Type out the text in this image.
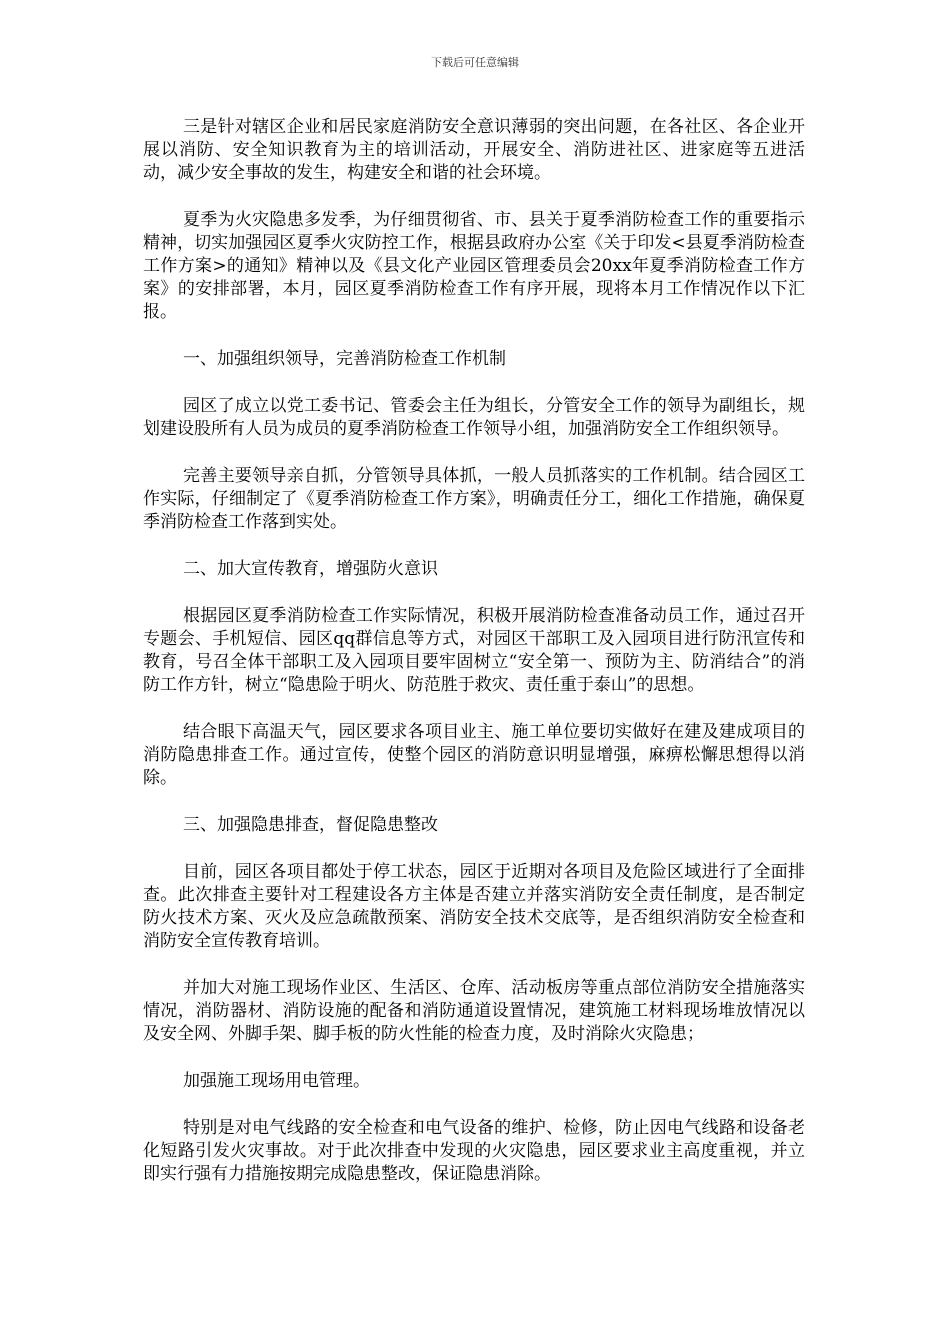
下载后可任意编辑

三是针对辖区企业和居民家庭消防安全意识薄弱的突出问题，在各社区、各企业开展以消防、安全知识教育为主的培训活动，开展安全、消防进社区、进家庭等五进活动，减少安全事故的发生，构建安全和谐的社会环境。

夏季为火灾隐患多发季，为仔细贯彻省、市、县关于夏季消防检查工作的重要指示精神，切实加强园区夏季火灾防控工作，根据县政府办公室《关于印发<县夏季消防检查工作方案>的通知》精神以及《县文化产业园区管理委员会20xx年夏季消防检查工作方案》的安排部署，本月，园区夏季消防检查工作有序开展，现将本月工作情况作以下汇报。

一、加强组织领导，完善消防检查工作机制

园区了成立以党工委书记、管委会主任为组长，分管安全工作的领导为副组长，规划建设股所有人员为成员的夏季消防检查工作领导小组，加强消防安全工作组织领导。

完善主要领导亲自抓，分管领导具体抓，一般人员抓落实的工作机制。结合园区工作实际，仔细制定了《夏季消防检查工作方案》，明确责任分工，细化工作措施，确保夏季消防检查工作落到实处。

二、加大宣传教育，增强防火意识

根据园区夏季消防检查工作实际情况，积极开展消防检查准备动员工作，通过召开专题会、手机短信、园区qq群信息等方式，对园区干部职工及入园项目进行防汛宣传和教育，号召全体干部职工及入园项目要牢固树立“安全第一、预防为主、防消结合”的消防工作方针，树立“隐患险于明火、防范胜于救灾、责任重于泰山”的思想。

结合眼下高温天气，园区要求各项目业主、施工单位要切实做好在建及建成项目的消防隐患排查工作。通过宣传，使整个园区的消防意识明显增强，麻痹松懈思想得以消除。

三、加强隐患排查，督促隐患整改

目前，园区各项目都处于停工状态，园区于近期对各项目及危险区域进行了全面排查。此次排查主要针对工程建设各方主体是否建立并落实消防安全责任制度，是否制定防火技术方案、灭火及应急疏散预案、消防安全技术交底等，是否组织消防安全检查和消防安全宣传教育培训。

并加大对施工现场作业区、生活区、仓库、活动板房等重点部位消防安全措施落实情况，消防器材、消防设施的配备和消防通道设置情况，建筑施工材料现场堆放情况以及安全网、外脚手架、脚手板的防火性能的检查力度，及时消除火灾隐患；

加强施工现场用电管理。

特别是对电气线路的安全检查和电气设备的维护、检修，防止因电气线路和设备老化短路引发火灾事故。对于此次排查中发现的火灾隐患，园区要求业主高度重视，并立即实行强有力措施按期完成隐患整改，保证隐患消除。
